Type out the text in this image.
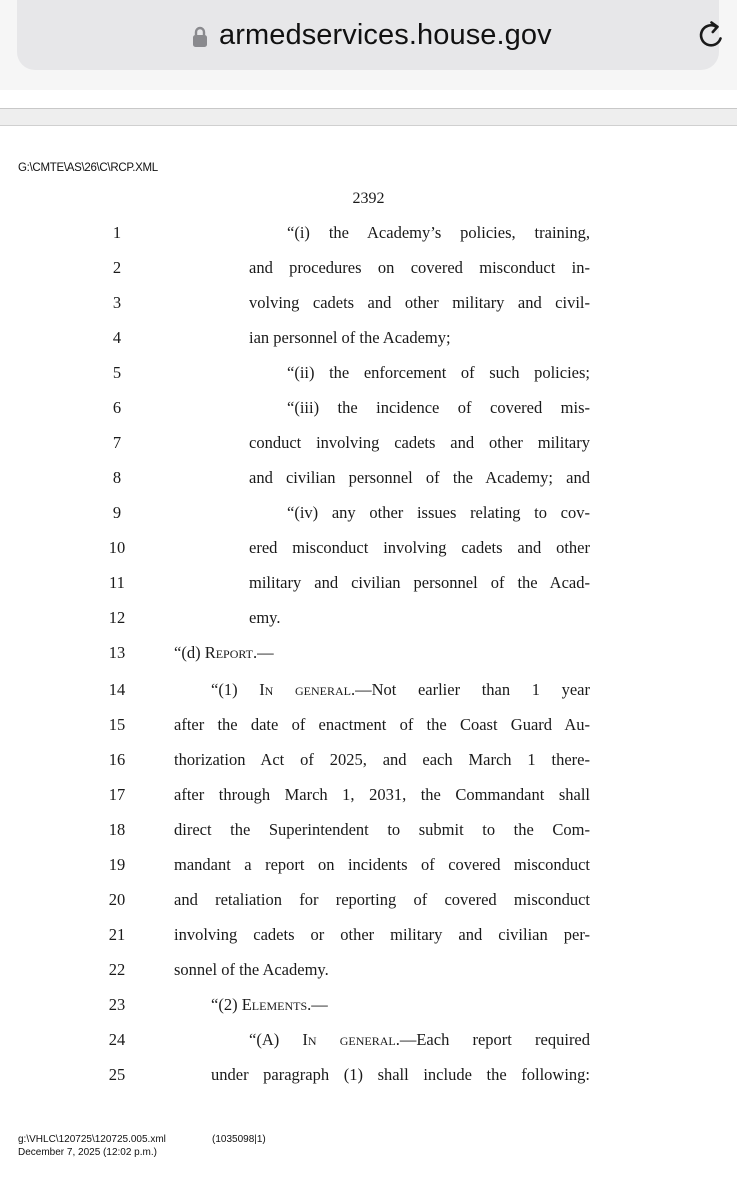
armedservices.house.gov
G:\CMTE\AS\26\C\RCP.XML
2392
1	“(i) the Academy’s policies, training,
2	and procedures on covered misconduct in-
3	volving cadets and other military and civil-
4	ian personnel of the Academy;
5	“(ii) the enforcement of such policies;
6	“(iii) the incidence of covered mis-
7	conduct involving cadets and other military
8	and civilian personnel of the Academy; and
9	“(iv) any other issues relating to cov-
10	ered misconduct involving cadets and other
11	military and civilian personnel of the Acad-
12	emy.
13	“(d) Report.—
14	“(1) In general.—Not earlier than 1 year
15	after the date of enactment of the Coast Guard Au-
16	thorization Act of 2025, and each March 1 there-
17	after through March 1, 2031, the Commandant shall
18	direct the Superintendent to submit to the Com-
19	mandant a report on incidents of covered misconduct
20	and retaliation for reporting of covered misconduct
21	involving cadets or other military and civilian per-
22	sonnel of the Academy.
23	“(2) Elements.—
24	“(A) In general.—Each report required
25	under paragraph (1) shall include the following:
g:\VHLC\120725\120725.005.xml
December 7, 2025 (12:02 p.m.)
(1035098|1)
